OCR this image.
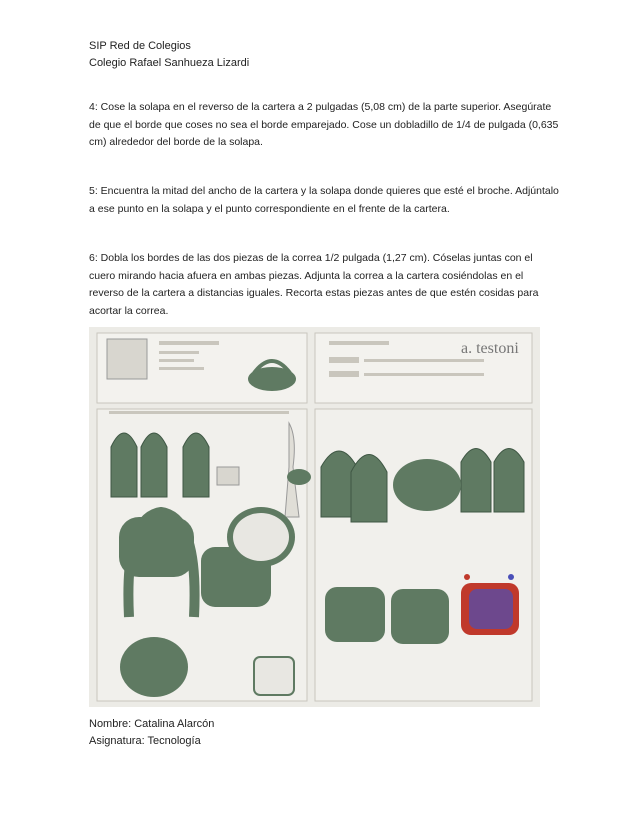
SIP Red de Colegios
Colegio Rafael Sanhueza Lizardi
4: Cose la solapa en el reverso de la cartera a 2 pulgadas (5,08 cm) de la parte superior. Asegúrate de que el borde que coses no sea el borde emparejado. Cose un dobladillo de 1/4 de pulgada (0,635 cm) alrededor del borde de la solapa.
5: Encuentra la mitad del ancho de la cartera y la solapa donde quieres que esté el broche. Adjúntalo a ese punto en la solapa y el punto correspondiente en el frente de la cartera.
6: Dobla los bordes de las dos piezas de la correa 1/2 pulgada (1,27 cm). Cóselas juntas con el cuero mirando hacia afuera en ambas piezas. Adjunta la correa a la cartera cosiéndolas en el reverso de la cartera a distancias iguales. Recorta estas piezas antes de que estén cosidas para acortar la correa.
a. testoni
Nombre: Catalina Alarcón
Asignatura: Tecnología
